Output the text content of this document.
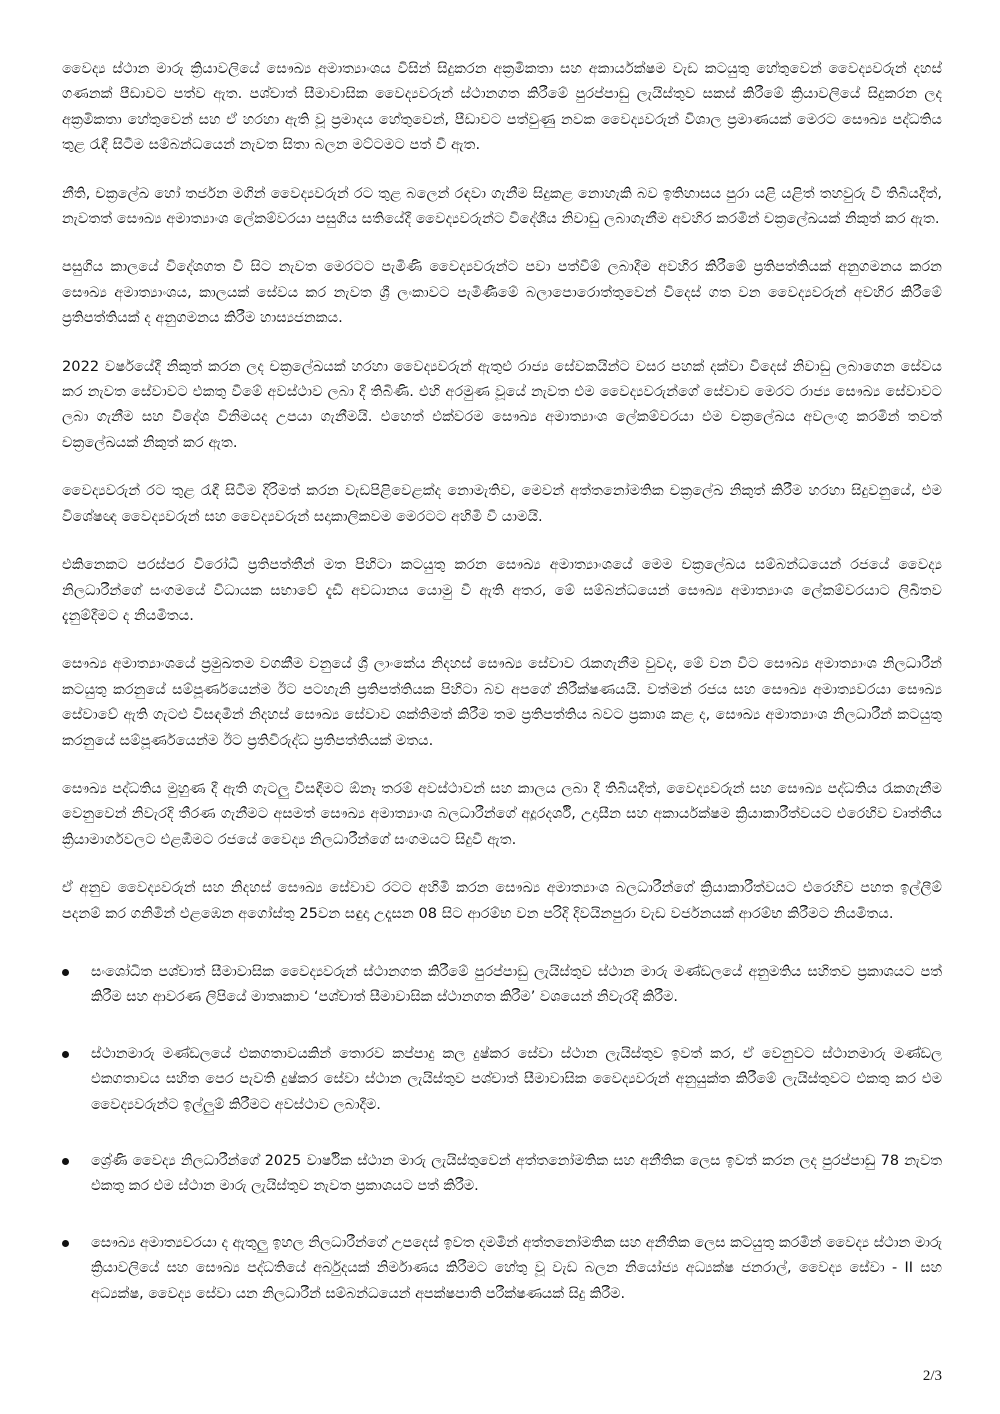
වෛද්‍ය ස්ථාන මාරු ක්‍රියාවලියේ සෞඛ්‍ය අමාත්‍යාංශය විසින් සිදුකරන අක්‍රමිකතා සහ අකාර්යක්ෂම වැඩ කටයුතු හේතුවෙන් වෛද්‍යවරුන් දහස් ගණනක් පීඩාවට පත්ව ඇත. පශ්චාත් සීමාවාසික වෛද්‍යවරුන් ස්ථානගත කිරීමේ පුරප්පාඩු ලැයිස්තුව සකස් කිරීමේ ක්‍රියාවලියේ සිදුකරන ලද අක්‍රමිකතා හේතුවෙන් සහ ඒ හරහා ඇති වූ ප්‍රමාදය හේතුවෙන්, පීඩාවට පත්වුණු නවක වෛද්‍යවරුන් විශාල ප්‍රමාණයක් මෙරට සෞඛ්‍ය පද්ධතිය තුළ රැඳී සිටීම සම්බන්ධයෙන් නැවත සිතා බලන මට්ටමට පත් වී ඇත.

නීති, චක්‍රලේඛ හෝ තර්ජන මගින් වෛද්‍යවරුන් රට තුළ බලෙන් රඳවා ගැනීම සිදුකළ නොහැකි බව ඉතිහාසය පුරා යළි යළිත් තහවුරු වී තිබියදීත්, නැවතත් සෞඛ්‍ය අමාත්‍යාංශ ලේකම්වරයා පසුගිය සතියේදී වෛද්‍යවරුන්ට විදේශීය නිවාඩු ලබාගැනීම අවහිර කරමින් චක්‍රලේඛයක් නිකුත් කර ඇත.

පසුගිය කාලයේ විදේශගත වී සිට නැවත මෙරටට පැමිණි වෛද්‍යවරුන්ට පවා පත්වීම් ලබාදීම අවහිර කිරීමේ ප්‍රතිපත්තියක් අනුගමනය කරන සෞඛ්‍ය අමාත්‍යාංශය, කාලයක් සේවය කර නැවත ශ්‍රී ලංකාවට පැමිණීමේ බලාපොරොත්තුවෙන් විදෙස් ගත වන වෛද්‍යවරුන් අවහිර කිරීමේ ප්‍රතිපත්තියක් ද අනුගමනය කිරීම හාස්‍යජනකය.

2022 වර්ෂයේදී නිකුත් කරන ලද චක්‍රලේඛයක් හරහා වෛද්‍යවරුන් ඇතුළු රාජ්‍ය සේවකයින්ට වසර පහක් දක්වා විදෙස් නිවාඩු ලබාගෙන සේවය කර නැවත සේවාවට එකතු වීමේ අවස්ථාව ලබා දී තිබිණි. එහි අරමුණ වූයේ නැවත එම වෛද්‍යවරුන්ගේ සේවාව මෙරට රාජ්‍ය සෞඛ්‍ය සේවාවට ලබා ගැනීම සහ විදේශ විනිමයද උපයා ගැනීමයි. එහෙත් එක්වරම සෞඛ්‍ය අමාත්‍යාංශ ලේකම්වරයා එම චක්‍රලේඛය අවලංගු කරමින් තවත් චක්‍රලේඛයක් නිකුත් කර ඇත.

වෛද්‍යවරුන් රට තුළ රැඳී සිටීම දිරිමත් කරන වැඩපිළිවෙළක්ද නොමැතිව, මෙවන් අත්තනෝමතික චක්‍රලේඛ නිකුත් කිරීම හරහා සිදුවනුයේ, එම විශේෂඥ වෛද්‍යවරුන් සහ වෛද්‍යවරුන් සදාකාලිකවම මෙරටට අහිමි වී යාමයි.

එකිනෙකට පරස්පර විරෝධී ප්‍රතිපත්තීන් මත පිහිටා කටයුතු කරන සෞඛ්‍ය අමාත්‍යාංශයේ මෙම චක්‍රලේඛය සම්බන්ධයෙන් රජයේ වෛද්‍ය නිලධාරීන්ගේ සංගමයේ විධායක සභාවේ දැඩි අවධානය යොමු වී ඇති අතර, මේ සම්බන්ධයෙන් සෞඛ්‍ය අමාත්‍යාංශ ලේකම්වරයාට ලිඛිතව දැනුම්දීමට ද නියමිතය.

සෞඛ්‍ය අමාත්‍යාංශයේ ප්‍රමුඛතම වගකීම වනුයේ ශ්‍රී ලාංකේය නිදහස් සෞඛ්‍ය සේවාව රැකගැනීම වුවද, මේ වන විට සෞඛ්‍ය අමාත්‍යාංශ නිලධාරීන් කටයුතු කරනුයේ සම්පූර්ණයෙන්ම ඊට පටහැනි ප්‍රතිපත්තියක පිහිටා බව අපගේ නිරීක්ෂණයයි. වත්මන් රජය සහ සෞඛ්‍ය අමාත්‍යවරයා සෞඛ්‍ය සේවාවේ ඇති ගැටළු විසඳමින් නිදහස් සෞඛ්‍ය සේවාව ශක්තිමත් කිරීම තම ප්‍රතිපත්තිය බවට ප්‍රකාශ කළ ද, සෞඛ්‍ය අමාත්‍යාංශ නිලධාරීන් කටයුතු කරනුයේ සම්පූර්ණයෙන්ම ඊට ප්‍රතිවිරුද්ධ ප්‍රතිපත්තියක් මතය.

සෞඛ්‍ය පද්ධතිය මුහුණ දී ඇති ගැටලු විසඳීමට ඕනෑ තරම් අවස්ථාවන් සහ කාලය ලබා දී තිබියදීත්, වෛද්‍යවරුන් සහ සෞඛ්‍ය පද්ධතිය රැකගැනීම වෙනුවෙන් නිවැරදි තීරණ ගැනීමට අසමත් සෞඛ්‍ය අමාත්‍යාංශ බලධාරීන්ගේ අදූරදර්ශී, උදාසීන සහ අකාර්යක්ෂම ක්‍රියාකාරීත්වයට එරෙහිව වෘත්තීය ක්‍රියාමාර්ගවලට එළඹීමට රජයේ වෛද්‍ය නිලධාරීන්ගේ සංගමයට සිදුවී ඇත.

ඒ අනුව වෛද්‍යවරුන් සහ නිදහස් සෞඛ්‍ය සේවාව රටට අහිමි කරන සෞඛ්‍ය අමාත්‍යාංශ බලධාරීන්ගේ ක්‍රියාකාරීත්වයට එරෙහිව පහත ඉල්ලීම් පදනම් කර ගනිමින් එළඹෙන අගෝස්තු 25වන සඳුදා උදෑසන 08 සිට ආරම්භ වන පරිදි දිවයිනපුරා වැඩ වර්ජනයක් ආරම්භ කිරීමට නියමිතය.

සංශෝධිත පශ්චාත් සීමාවාසික වෛද්‍යවරුන් ස්ථානගත කිරීමේ පුරප්පාඩු ලැයිස්තුව ස්ථාන මාරු මණ්ඩලයේ අනුමතිය සහිතව ප්‍රකාශයට පත් කිරීම සහ ආවරණ ලිපියේ මාතෘකාව ‘පශ්චාත් සීමාවාසික ස්ථානගත කිරීම’ වශයෙන් නිවැරදි කිරීම.
ස්ථානමාරු මණ්ඩලයේ එකගතාවයකින් තොරව කප්පාදු කල දුෂ්කර සේවා ස්ථාන ලැයිස්තුව ඉවත් කර, ඒ වෙනුවට ස්ථානමාරු මණ්ඩල එකගතාවය සහිත පෙර පැවති දුෂ්කර සේවා ස්ථාන ලැයිස්තුව පශ්චාත් සීමාවාසික වෛද්‍යවරුන් අනුයුක්ත කිරීමේ ලැයිස්තුවට එකතු කර එම වෛද්‍යවරුන්ට ඉල්ලුම් කිරීමට අවස්ථාව ලබාදීම.
ශ්‍රේණි වෛද්‍ය නිලධාරීන්ගේ 2025 වාර්ෂික ස්ථාන මාරු ලැයිස්තුවෙන් අත්තනෝමතික සහ අනීතික ලෙස ඉවත් කරන ලද පුරප්පාඩු 78 නැවත එකතු කර එම ස්ථාන මාරු ලැයිස්තුව නැවත ප්‍රකාශයට පත් කිරීම.
සෞඛ්‍ය අමාත්‍යවරයා ද ඇතුලු ඉහල නිලධාරීන්ගේ උපදෙස් ඉවත දමමින් අත්තනෝමතික සහ අනීතික ලෙස කටයුතු කරමින් වෛද්‍ය ස්ථාන මාරු ක්‍රියාවලියේ සහ සෞඛ්‍ය පද්ධතියේ අර්බුදයක් නිර්මාණය කිරීමට හේතු වූ වැඩ බලන නියෝජ්‍ය අධ්‍යක්ෂ ජනරාල්, වෛද්‍ය සේවා - II සහ අධ්‍යක්ෂ, වෛද්‍ය සේවා යන නිලධාරීන් සම්බන්ධයෙන් අපක්ෂපාති පරීක්ෂණයක් සිදු කිරීම.
2/3
